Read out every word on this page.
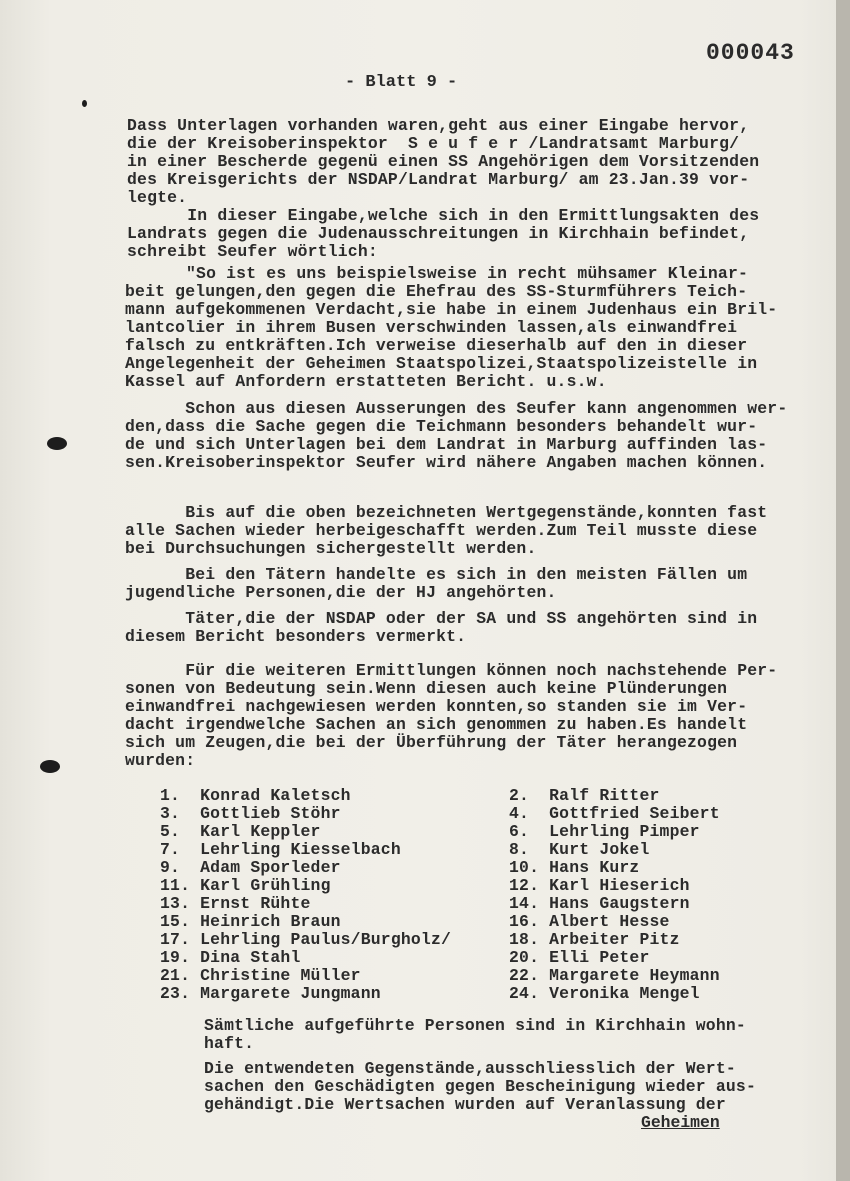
000043
- Blatt 9 -
Dass Unterlagen vorhanden waren,geht aus einer Eingabe hervor,
die der Kreisoberinspektor  S e u f e r /Landratsamt Marburg/
in einer Bescherde gegenü einen SS Angehörigen dem Vorsitzenden
des Kreisgerichts der NSDAP/Landrat Marburg/ am 23.Jan.39 vor-
legte.
In dieser Eingabe,welche sich in den Ermittlungsakten des
Landrats gegen die Judenausschreitungen in Kirchhain befindet,
schreibt Seufer wörtlich:
"So ist es uns beispielsweise in recht mühsamer Kleinar-
beit gelungen,den gegen die Ehefrau des SS-Sturmführers Teich-
mann aufgekommenen Verdacht,sie habe in einem Judenhaus ein Bril-
lantcolier in ihrem Busen verschwinden lassen,als einwandfrei
falsch zu entkräften.Ich verweise dieserhalb auf den in dieser
Angelegenheit der Geheimen Staatspolizei,Staatspolizeistelle in
Kassel auf Anfordern erstatteten Bericht. u.s.w.
Schon aus diesen Ausserungen des Seufer kann angenommen wer-
den,dass die Sache gegen die Teichmann besonders behandelt wur-
de und sich Unterlagen bei dem Landrat in Marburg auffinden las-
sen.Kreisoberinspektor Seufer wird nähere Angaben machen können.
Bis auf die oben bezeichneten Wertgegenstände,konnten fast
alle Sachen wieder herbeigeschafft werden.Zum Teil musste diese
bei Durchsuchungen sichergestellt werden.
Bei den Tätern handelte es sich in den meisten Fällen um
jugendliche Personen,die der HJ angehörten.
Täter,die der NSDAP oder der SA und SS angehörten sind in
diesem Bericht besonders vermerkt.
Für die weiteren Ermittlungen können noch nachstehende Per-
sonen von Bedeutung sein.Wenn diesen auch keine Plünderungen
einwandfrei nachgewiesen werden konnten,so standen sie im Ver-
dacht irgendwelche Sachen an sich genommen zu haben.Es handelt
sich um Zeugen,die bei der Überführung der Täter herangezogen
wurden:
1.  Konrad Kaletsch
3.  Gottlieb Stöhr
5.  Karl Keppler
7.  Lehrling Kiesselbach
9.  Adam Sporleder
11. Karl Grühling
13. Ernst Rühte
15. Heinrich Braun
17. Lehrling Paulus/Burgholz/
19. Dina Stahl
21. Christine Müller
23. Margarete Jungmann
2.  Ralf Ritter
4.  Gottfried Seibert
6.  Lehrling Pimper
8.  Kurt Jokel
10. Hans Kurz
12. Karl Hieserich
14. Hans Gaugstern
16. Albert Hesse
18. Arbeiter Pitz
20. Elli Peter
22. Margarete Heymann
24. Veronika Mengel
Sämtliche aufgeführte Personen sind in Kirchhain wohn-
haft.
Die entwendeten Gegenstände,ausschliesslich der Wert-
sachen den Geschädigten gegen Bescheinigung wieder aus-
gehändigt.Die Wertsachen wurden auf Veranlassung der
Geheimen
